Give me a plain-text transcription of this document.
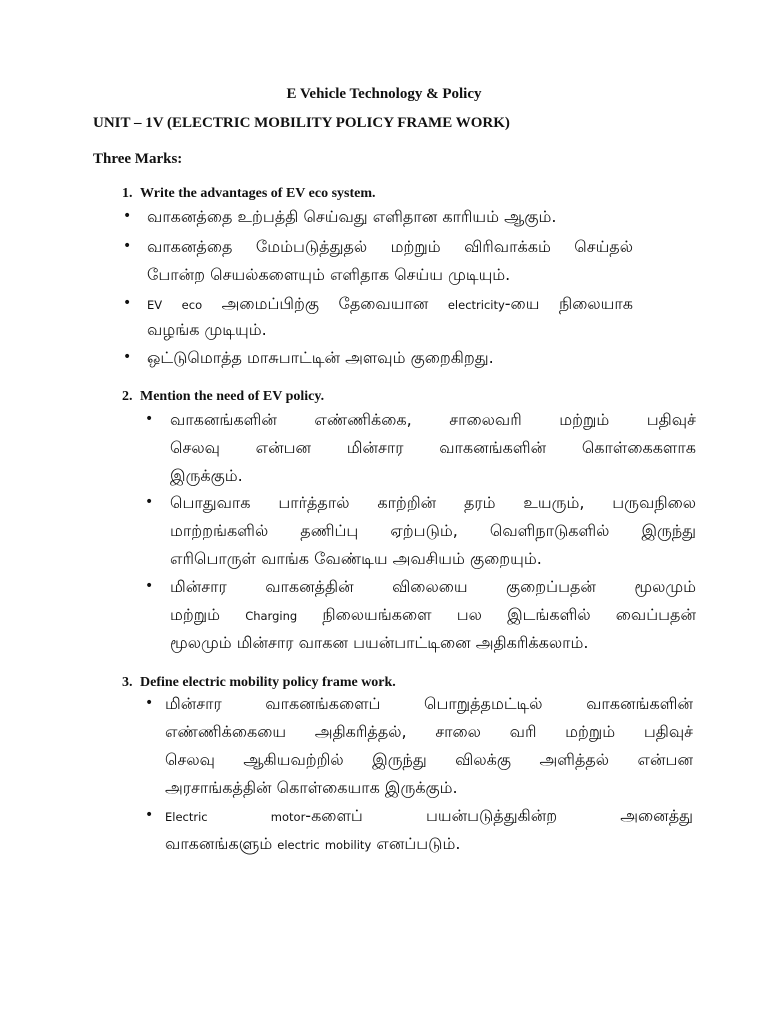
E Vehicle Technology & Policy
UNIT – 1V (ELECTRIC MOBILITY POLICY FRAME WORK)
Three Marks:
1. Write the advantages of EV eco system.
• வாகனத்தை உற்பத்தி செய்வது எளிதான காரியம் ஆகும்.
• வாகனத்தை மேம்படுத்துதல் மற்றும் விரிவாக்கம் செய்தல்
போன்ற செயல்களையும் எளிதாக செய்ய முடியும்.
• EV eco அமைப்பிற்கு தேவையான electricity-யை நிலையாக
வழங்க முடியும்.
• ஒட்டுமொத்த மாசுபாட்டின் அளவும் குறைகிறது.
2. Mention the need of EV policy.
• வாகனங்களின் எண்ணிக்கை, சாலைவரி மற்றும் பதிவுச்
செலவு என்பன மின்சார வாகனங்களின் கொள்கைகளாக
இருக்கும்.
• பொதுவாக பார்த்தால் காற்றின் தரம் உயரும், பருவநிலை
மாற்றங்களில் தணிப்பு ஏற்படும், வெளிநாடுகளில் இருந்து
எரிபொருள் வாங்க வேண்டிய அவசியம் குறையும்.
• மின்சார வாகனத்தின் விலையை குறைப்பதன் மூலமும்
மற்றும் Charging நிலையங்களை பல இடங்களில் வைப்பதன்
மூலமும் மின்சார வாகன பயன்பாட்டினை அதிகரிக்கலாம்.
3. Define electric mobility policy frame work.
• மின்சார	வாகனங்களைப்	பொறுத்தமட்டில்	வாகனங்களின்
எண்ணிக்கையை அதிகரித்தல், சாலை வரி மற்றும் பதிவுச்
செலவு ஆகியவற்றில் இருந்து விலக்கு அளித்தல் என்பன
அரசாங்கத்தின் கொள்கையாக இருக்கும்.
• Electric	motor-களைப்	பயன்படுத்துகின்ற	அனைத்து
வாகனங்களும் electric mobility எனப்படும்.
